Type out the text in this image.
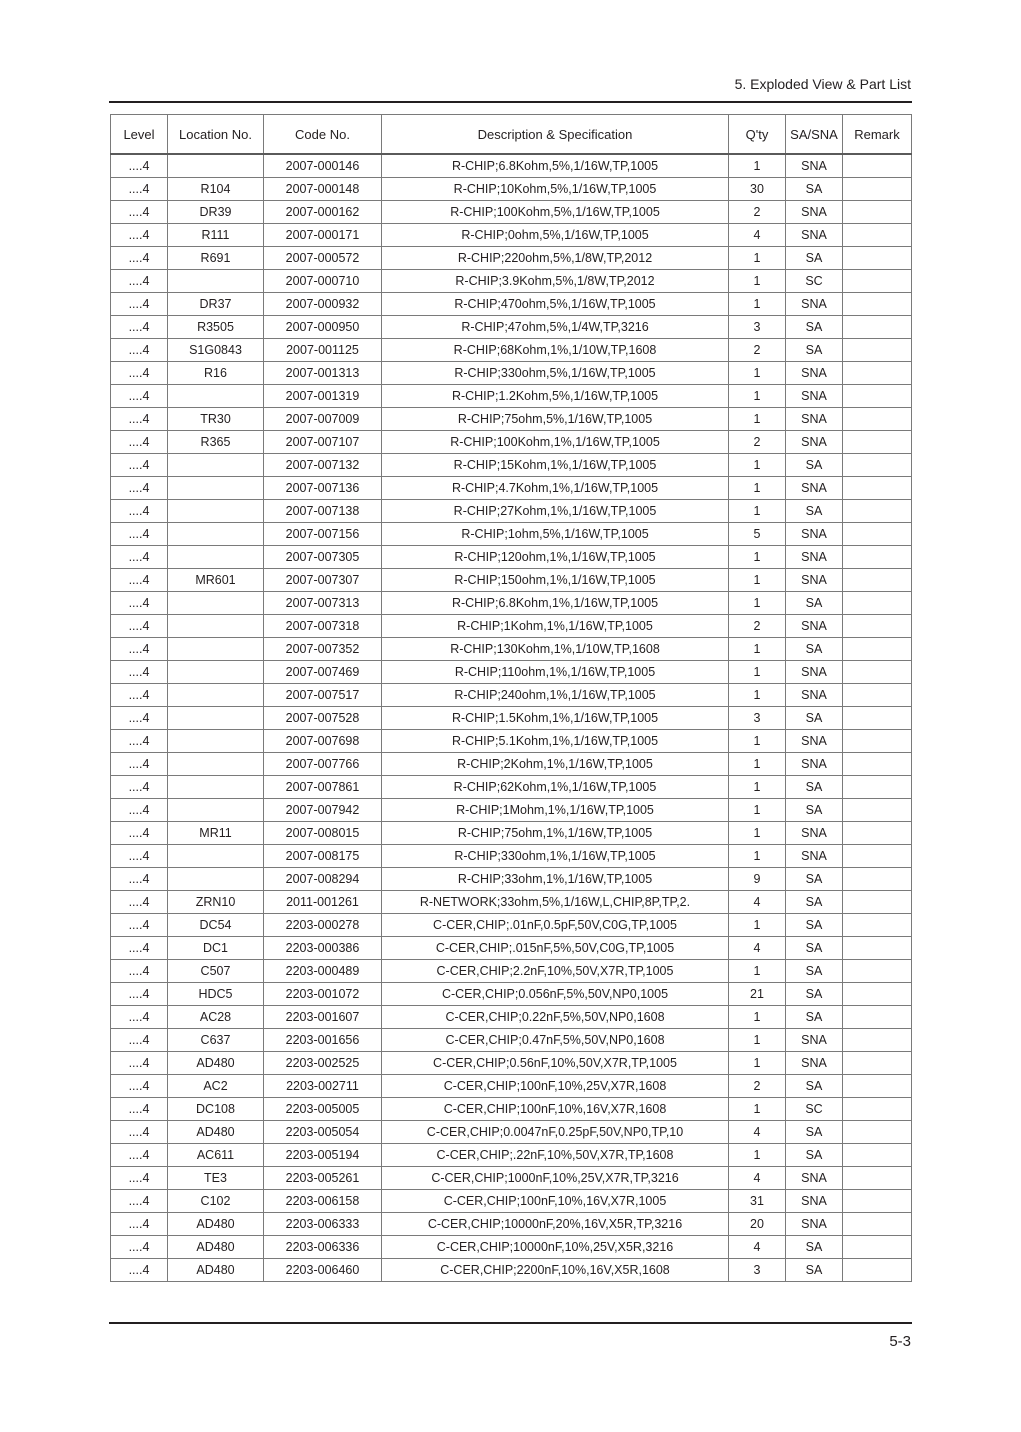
5. Exploded View & Part List
Level	Location No.	Code No.	Description & Specification	Q'ty	SA/SNA	Remark
....4		2007-000146	R-CHIP;6.8Kohm,5%,1/16W,TP,1005	1	SNA	
....4	R104	2007-000148	R-CHIP;10Kohm,5%,1/16W,TP,1005	30	SA	
....4	DR39	2007-000162	R-CHIP;100Kohm,5%,1/16W,TP,1005	2	SNA	
....4	R111	2007-000171	R-CHIP;0ohm,5%,1/16W,TP,1005	4	SNA	
....4	R691	2007-000572	R-CHIP;220ohm,5%,1/8W,TP,2012	1	SA	
....4		2007-000710	R-CHIP;3.9Kohm,5%,1/8W,TP,2012	1	SC	
....4	DR37	2007-000932	R-CHIP;470ohm,5%,1/16W,TP,1005	1	SNA	
....4	R3505	2007-000950	R-CHIP;47ohm,5%,1/4W,TP,3216	3	SA	
....4	S1G0843	2007-001125	R-CHIP;68Kohm,1%,1/10W,TP,1608	2	SA	
....4	R16	2007-001313	R-CHIP;330ohm,5%,1/16W,TP,1005	1	SNA	
....4		2007-001319	R-CHIP;1.2Kohm,5%,1/16W,TP,1005	1	SNA	
....4	TR30	2007-007009	R-CHIP;75ohm,5%,1/16W,TP,1005	1	SNA	
....4	R365	2007-007107	R-CHIP;100Kohm,1%,1/16W,TP,1005	2	SNA	
....4		2007-007132	R-CHIP;15Kohm,1%,1/16W,TP,1005	1	SA	
....4		2007-007136	R-CHIP;4.7Kohm,1%,1/16W,TP,1005	1	SNA	
....4		2007-007138	R-CHIP;27Kohm,1%,1/16W,TP,1005	1	SA	
....4		2007-007156	R-CHIP;1ohm,5%,1/16W,TP,1005	5	SNA	
....4		2007-007305	R-CHIP;120ohm,1%,1/16W,TP,1005	1	SNA	
....4	MR601	2007-007307	R-CHIP;150ohm,1%,1/16W,TP,1005	1	SNA	
....4		2007-007313	R-CHIP;6.8Kohm,1%,1/16W,TP,1005	1	SA	
....4		2007-007318	R-CHIP;1Kohm,1%,1/16W,TP,1005	2	SNA	
....4		2007-007352	R-CHIP;130Kohm,1%,1/10W,TP,1608	1	SA	
....4		2007-007469	R-CHIP;110ohm,1%,1/16W,TP,1005	1	SNA	
....4		2007-007517	R-CHIP;240ohm,1%,1/16W,TP,1005	1	SNA	
....4		2007-007528	R-CHIP;1.5Kohm,1%,1/16W,TP,1005	3	SA	
....4		2007-007698	R-CHIP;5.1Kohm,1%,1/16W,TP,1005	1	SNA	
....4		2007-007766	R-CHIP;2Kohm,1%,1/16W,TP,1005	1	SNA	
....4		2007-007861	R-CHIP;62Kohm,1%,1/16W,TP,1005	1	SA	
....4		2007-007942	R-CHIP;1Mohm,1%,1/16W,TP,1005	1	SA	
....4	MR11	2007-008015	R-CHIP;75ohm,1%,1/16W,TP,1005	1	SNA	
....4		2007-008175	R-CHIP;330ohm,1%,1/16W,TP,1005	1	SNA	
....4		2007-008294	R-CHIP;33ohm,1%,1/16W,TP,1005	9	SA	
....4	ZRN10	2011-001261	R-NETWORK;33ohm,5%,1/16W,L,CHIP,8P,TP,2.	4	SA	
....4	DC54	2203-000278	C-CER,CHIP;.01nF,0.5pF,50V,C0G,TP,1005	1	SA	
....4	DC1	2203-000386	C-CER,CHIP;.015nF,5%,50V,C0G,TP,1005	4	SA	
....4	C507	2203-000489	C-CER,CHIP;2.2nF,10%,50V,X7R,TP,1005	1	SA	
....4	HDC5	2203-001072	C-CER,CHIP;0.056nF,5%,50V,NP0,1005	21	SA	
....4	AC28	2203-001607	C-CER,CHIP;0.22nF,5%,50V,NP0,1608	1	SA	
....4	C637	2203-001656	C-CER,CHIP;0.47nF,5%,50V,NP0,1608	1	SNA	
....4	AD480	2203-002525	C-CER,CHIP;0.56nF,10%,50V,X7R,TP,1005	1	SNA	
....4	AC2	2203-002711	C-CER,CHIP;100nF,10%,25V,X7R,1608	2	SA	
....4	DC108	2203-005005	C-CER,CHIP;100nF,10%,16V,X7R,1608	1	SC	
....4	AD480	2203-005054	C-CER,CHIP;0.0047nF,0.25pF,50V,NP0,TP,10	4	SA	
....4	AC611	2203-005194	C-CER,CHIP;.22nF,10%,50V,X7R,TP,1608	1	SA	
....4	TE3	2203-005261	C-CER,CHIP;1000nF,10%,25V,X7R,TP,3216	4	SNA	
....4	C102	2203-006158	C-CER,CHIP;100nF,10%,16V,X7R,1005	31	SNA	
....4	AD480	2203-006333	C-CER,CHIP;10000nF,20%,16V,X5R,TP,3216	20	SNA	
....4	AD480	2203-006336	C-CER,CHIP;10000nF,10%,25V,X5R,3216	4	SA	
....4	AD480	2203-006460	C-CER,CHIP;2200nF,10%,16V,X5R,1608	3	SA	
5-3
